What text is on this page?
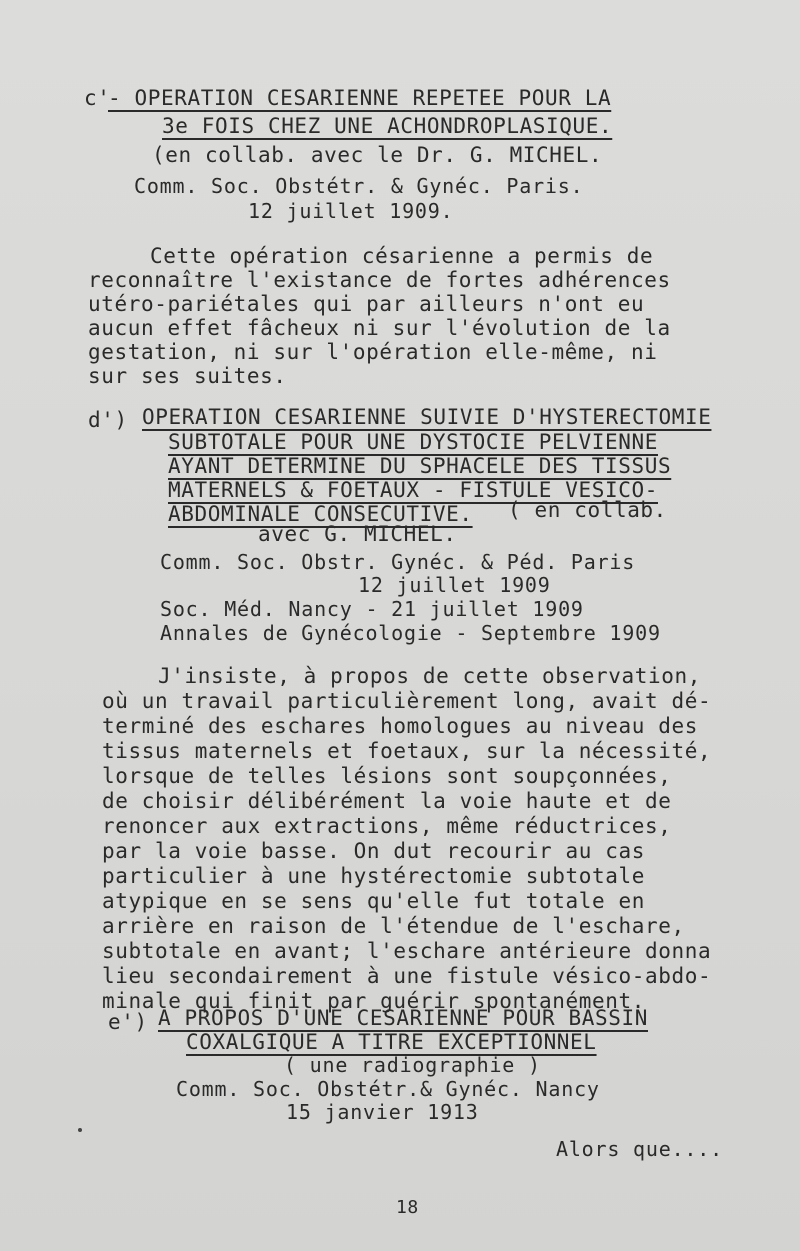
c'
- OPERATION CESARIENNE REPETEE POUR LA
3e FOIS CHEZ UNE ACHONDROPLASIQUE.
(en collab. avec le Dr. G. MICHEL.
Comm. Soc. Obstétr. & Gynéc. Paris.
12 juillet 1909.
Cette opération césarienne a permis de
reconnaître l'existance de fortes adhérences
utéro-pariétales qui par ailleurs n'ont eu
aucun effet fâcheux ni sur l'évolution de la
gestation, ni sur l'opération elle-même, ni
sur ses suites.
d') OPERATION CESARIENNE SUIVIE D'HYSTERECTOMIE
SUBTOTALE POUR UNE DYSTOCIE PELVIENNE
AYANT DETERMINE DU SPHACELE DES TISSUS
MATERNELS & FOETAUX - FISTULE VESICO-
ABDOMINALE CONSECUTIVE. ( en collab.
avec G. MICHEL.
Comm. Soc. Obstr. Gynéc. & Péd. Paris
12 juillet 1909
Soc. Méd. Nancy - 21 juillet 1909
Annales de Gynécologie - Septembre 1909
J'insiste, à propos de cette observation,
où un travail particulièrement long, avait dé-
terminé des eschares homologues au niveau des
tissus maternels et foetaux, sur la nécessité,
lorsque de telles lésions sont soupçonnées,
de choisir délibérément la voie haute et de
renoncer aux extractions, même réductrices,
par la voie basse. On dut recourir au cas
particulier à une hystérectomie subtotale
atypique en se sens qu'elle fut totale en
arrière en raison de l'étendue de l'eschare,
subtotale en avant; l'eschare antérieure donna
lieu secondairement à une fistule vésico-abdo-
minale qui finit par guérir spontanément.
e') A PROPOS D'UNE CESARIENNE POUR BASSIN
COXALGIQUE A TITRE EXCEPTIONNEL
( une radiographie )
Comm. Soc. Obstétr.& Gynéc. Nancy
15 janvier 1913
Alors que....
18
